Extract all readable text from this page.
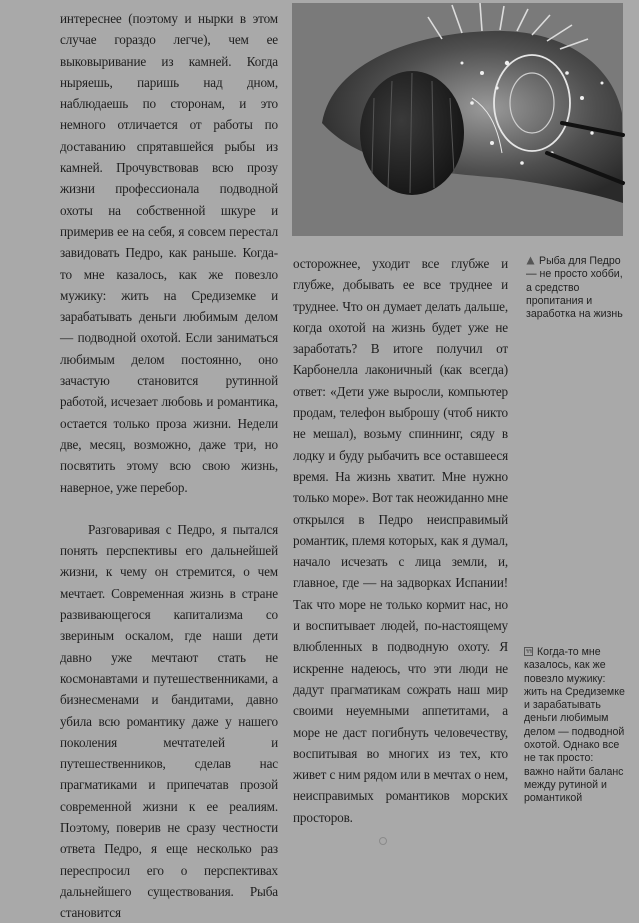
интереснее (поэтому и нырки в этом случае гораздо легче), чем ее выковыривание из камней. Когда ныряешь, паришь над дном, наблюдаешь по сторонам, и это немного отличается от работы по доставанию спрятавшейся рыбы из камней. Прочувствовав всю прозу жизни профессионала подводной охоты на собственной шкуре и примерив ее на себя, я совсем перестал завидовать Педро, как раньше. Когда-то мне казалось, как же повезло мужику: жить на Средиземке и зарабатывать деньги любимым делом — подводной охотой. Если заниматься любимым делом постоянно, оно зачастую становится рутинной работой, исчезает любовь и романтика, остается только проза жизни. Недели две, месяц, возможно, даже три, но посвятить этому всю свою жизнь, наверное, уже перебор.

Разговаривая с Педро, я пытался понять перспективы его дальнейшей жизни, к чему он стремится, о чем мечтает. Современная жизнь в стране развивающегося капитализма со звериным оскалом, где наши дети давно уже мечтают стать не космонавтами и путешественниками, а бизнесменами и бандитами, давно убила всю романтику даже у нашего поколения мечтателей и путешественников, сделав нас прагматиками и припечатав прозой современной жизни к ее реалиям. Поэтому, поверив не сразу честности ответа Педро, я еще несколько раз переспросил его о перспективах дальнейшего существования. Рыба становится

Рыба для Педро — не просто хобби, а средство пропитания и заработка на жизнь

осторожнее, уходит все глубже и глубже, добывать ее все труднее и труднее. Что он думает делать дальше, когда охотой на жизнь будет уже не заработать? В итоге получил от Карбонелла лаконичный (как всегда) ответ: «Дети уже выросли, компьютер продам, телефон выброшу (чтоб никто не мешал), возьму спиннинг, сяду в лодку и буду рыбачить все оставшееся время. На жизнь хватит. Мне нужно только море». Вот так неожиданно мне открылся в Педро неисправимый романтик, племя которых, как я думал, начало исчезать с лица земли, и, главное, где — на задворках Испании! Так что море не только кормит нас, но и воспитывает людей, по-настоящему влюбленных в подводную охоту. Я искренне надеюсь, что эти люди не дадут прагматикам сожрать наш мир своими неуемными аппетитами, а море не даст погибнуть человечеству, воспитывая во многих из тех, кто живет с ним рядом или в мечтах о нем, неисправимых романтиков морских просторов.

Когда-то мне казалось, как же повезло мужику: жить на Средиземке и зарабатывать деньги любимым делом — подводной охотой. Однако все не так просто: важно найти баланс между рутиной и романтикой
